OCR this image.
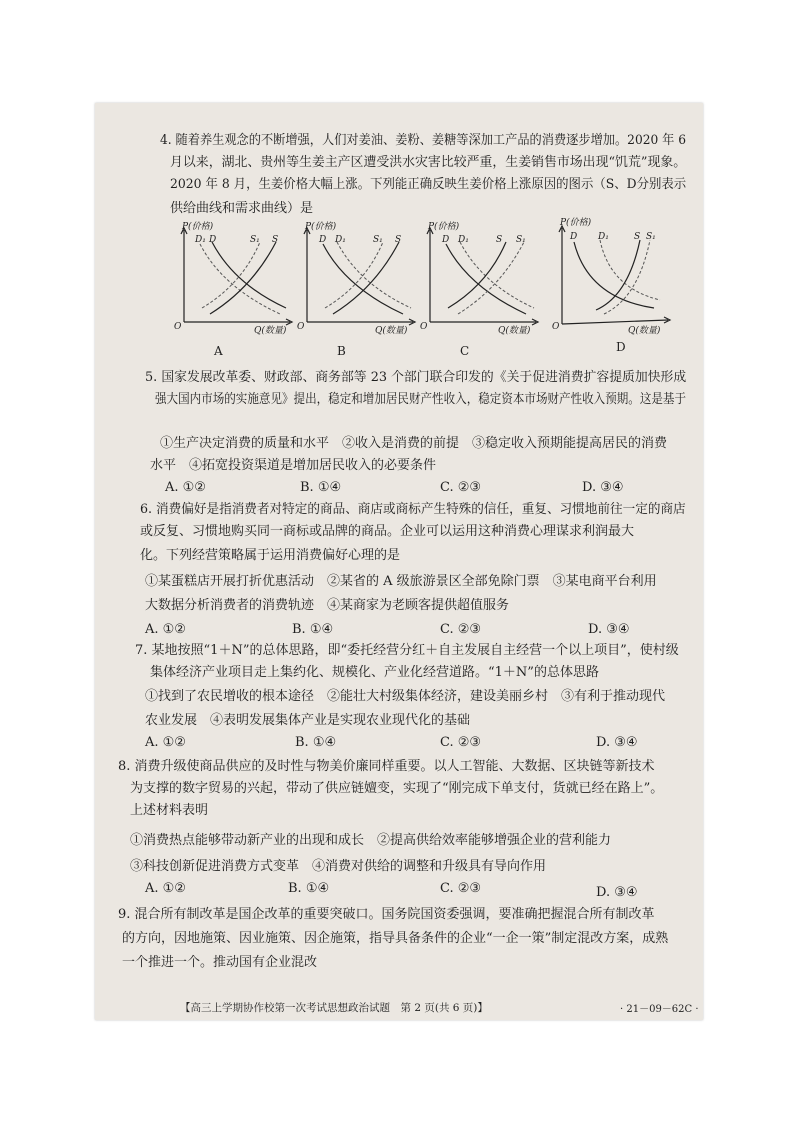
4. 随着养生观念的不断增强，人们对姜油、姜粉、姜糖等深加工产品的消费逐步增加。2020 年 6
月以来，湖北、贵州等生姜主产区遭受洪水灾害比较严重，生姜销售市场出现“饥荒”现象。
2020 年 8 月，生姜价格大幅上涨。下列能正确反映生姜价格上涨原因的图示（S、D分别表示
供给曲线和需求曲线）是
P(价格)
D₁ D	S₁ S
O	Q(数量)
A
P(价格)
D D₁	S₁ S
O	Q(数量)
B
P(价格)
D D₁	S S₁
O	Q(数量)
C
P(价格)
D D₁	S S₁
O	Q(数量)
D
5. 国家发展改革委、财政部、商务部等 23 个部门联合印发的《关于促进消费扩容提质加快形成
强大国内市场的实施意见》提出，稳定和增加居民财产性收入，稳定资本市场财产性收入预期。这是基于
①生产决定消费的质量和水平　②收入是消费的前提　③稳定收入预期能提高居民的消费
水平　④拓宽投资渠道是增加居民收入的必要条件
A. ①②	B. ①④	C. ②③	D. ③④
6. 消费偏好是指消费者对特定的商品、商店或商标产生特殊的信任，重复、习惯地前往一定的商店
或反复、习惯地购买同一商标或品牌的商品。企业可以运用这种消费心理谋求利润最大
化。下列经营策略属于运用消费偏好心理的是
①某蛋糕店开展打折优惠活动　②某省的 A 级旅游景区全部免除门票　③某电商平台利用
大数据分析消费者的消费轨迹　④某商家为老顾客提供超值服务
A. ①②	B. ①④	C. ②③	D. ③④
7. 某地按照“1＋N”的总体思路，即“委托经营分红＋自主发展自主经营一个以上项目”，使村级
集体经济产业项目走上集约化、规模化、产业化经营道路。“1＋N”的总体思路
①找到了农民增收的根本途径　②能壮大村级集体经济，建设美丽乡村　③有利于推动现代
农业发展　④表明发展集体产业是实现农业现代化的基础
A. ①②	B. ①④	C. ②③	D. ③④
8. 消费升级使商品供应的及时性与物美价廉同样重要。以人工智能、大数据、区块链等新技术
为支撑的数字贸易的兴起，带动了供应链嬗变，实现了“刚完成下单支付，货就已经在路上”。
上述材料表明
①消费热点能够带动新产业的出现和成长　②提高供给效率能够增强企业的营利能力
③科技创新促进消费方式变革　④消费对供给的调整和升级具有导向作用
A. ①②	B. ①④	C. ②③	D. ③④
9. 混合所有制改革是国企改革的重要突破口。国务院国资委强调，要准确把握混合所有制改革
的方向，因地施策、因业施策、因企施策，指导具备条件的企业“一企一策”制定混改方案，成熟
一个推进一个。推动国有企业混改
【高三上学期协作校第一次考试思想政治试题　第 2 页(共 6 页)】	· 21－09－62C ·
